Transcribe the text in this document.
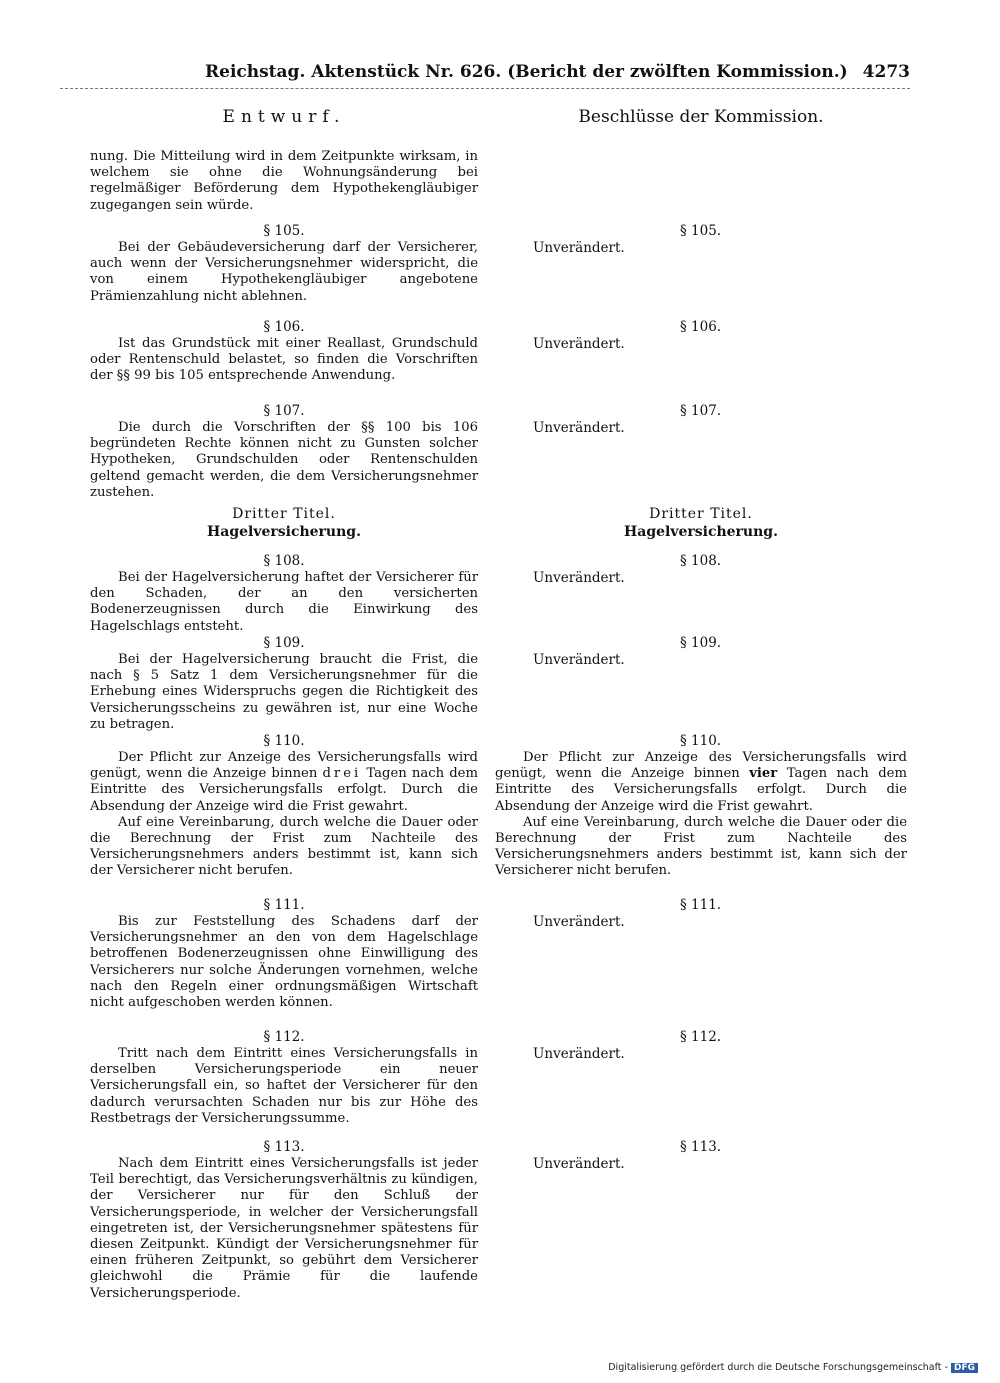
Reichstag. Aktenstück Nr. 626. (Bericht der zwölften Kommission.) 4273
Entwurf.

nung. Die Mitteilung wird in dem Zeitpunkte wirksam, in welchem sie ohne die Wohnungsänderung bei regelmäßiger Beförderung dem Hypothekengläubiger zugegangen sein würde.

§ 105.

Bei der Gebäudeversicherung darf der Versicherer, auch wenn der Versicherungsnehmer widerspricht, die von einem Hypothekengläubiger angebotene Prämienzahlung nicht ablehnen.

§ 106.

Ist das Grundstück mit einer Reallast, Grundschuld oder Rentenschuld belastet, so finden die Vorschriften der §§ 99 bis 105 entsprechende Anwendung.

§ 107.

Die durch die Vorschriften der §§ 100 bis 106 begründeten Rechte können nicht zu Gunsten solcher Hypotheken, Grundschulden oder Rentenschulden geltend gemacht werden, die dem Versicherungsnehmer zustehen.

Dritter Titel.

Hagelversicherung.

§ 108.

Bei der Hagelversicherung haftet der Versicherer für den Schaden, der an den versicherten Bodenerzeugnissen durch die Einwirkung des Hagelschlags entsteht.

§ 109.

Bei der Hagelversicherung braucht die Frist, die nach § 5 Satz 1 dem Versicherungsnehmer für die Erhebung eines Widerspruchs gegen die Richtigkeit des Versicherungsscheins zu gewähren ist, nur eine Woche zu betragen.

§ 110.

Der Pflicht zur Anzeige des Versicherungsfalls wird genügt, wenn die Anzeige binnen drei Tagen nach dem Eintritte des Versicherungsfalls erfolgt. Durch die Absendung der Anzeige wird die Frist gewahrt.

Auf eine Vereinbarung, durch welche die Dauer oder die Berechnung der Frist zum Nachteile des Versicherungsnehmers anders bestimmt ist, kann sich der Versicherer nicht berufen.

§ 111.

Bis zur Feststellung des Schadens darf der Versicherungsnehmer an den von dem Hagelschlage betroffenen Bodenerzeugnissen ohne Einwilligung des Versicherers nur solche Änderungen vornehmen, welche nach den Regeln einer ordnungsmäßigen Wirtschaft nicht aufgeschoben werden können.

§ 112.

Tritt nach dem Eintritt eines Versicherungsfalls in derselben Versicherungsperiode ein neuer Versicherungsfall ein, so haftet der Versicherer für den dadurch verursachten Schaden nur bis zur Höhe des Restbetrags der Versicherungssumme.

§ 113.

Nach dem Eintritt eines Versicherungsfalls ist jeder Teil berechtigt, das Versicherungsverhältnis zu kündigen, der Versicherer nur für den Schluß der Versicherungsperiode, in welcher der Versicherungsfall eingetreten ist, der Versicherungsnehmer spätestens für diesen Zeitpunkt. Kündigt der Versicherungsnehmer für einen früheren Zeitpunkt, so gebührt dem Versicherer gleichwohl die Prämie für die laufende Versicherungsperiode.

Beschlüsse der Kommission.

§ 105.

Unverändert.

§ 106.

Unverändert.

§ 107.

Unverändert.

Dritter Titel.

Hagelversicherung.

§ 108.

Unverändert.

§ 109.

Unverändert.

§ 110.

Der Pflicht zur Anzeige des Versicherungsfalls wird genügt, wenn die Anzeige binnen vier Tagen nach dem Eintritte des Versicherungsfalls erfolgt. Durch die Absendung der Anzeige wird die Frist gewahrt.

Auf eine Vereinbarung, durch welche die Dauer oder die Berechnung der Frist zum Nachteile des Versicherungsnehmers anders bestimmt ist, kann sich der Versicherer nicht berufen.

§ 111.

Unverändert.

§ 112.

Unverändert.

§ 113.

Unverändert.

Digitalisierung gefördert durch die Deutsche Forschungsgemeinschaft - DFG
